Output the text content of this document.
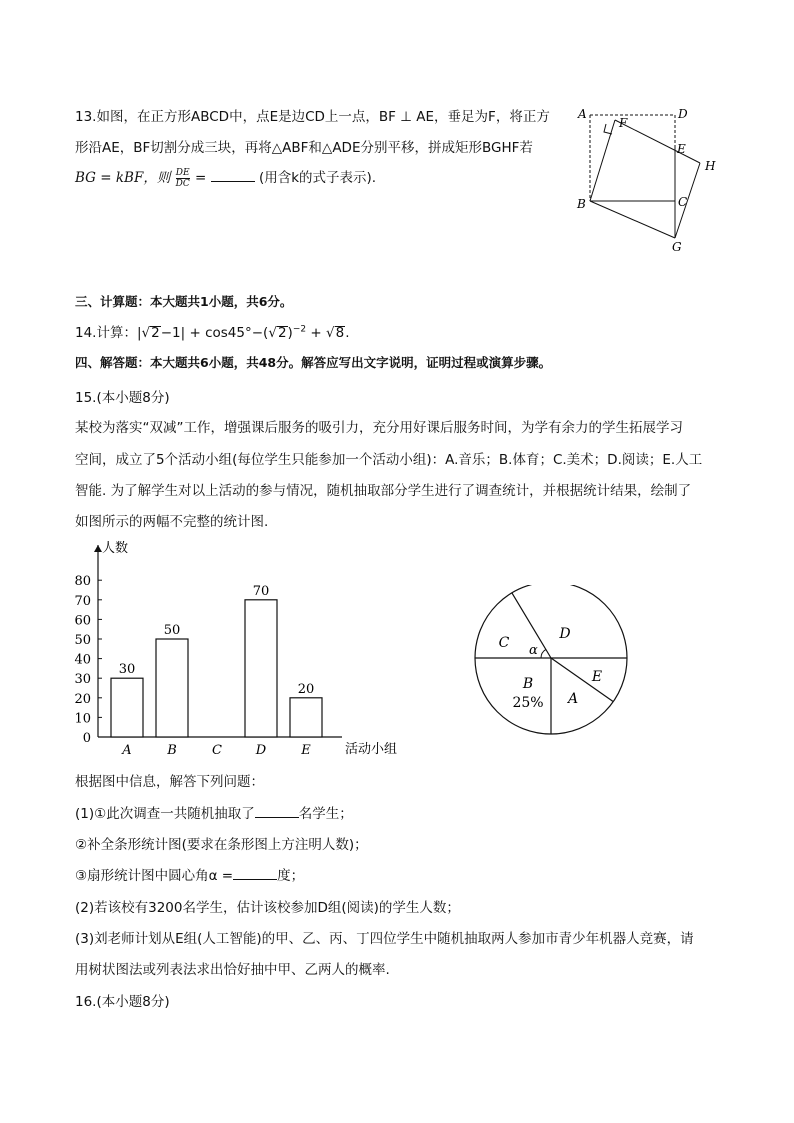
13.如图，在正方形ABCD中，点E是边CD上一点，BF ⊥ AE，垂足为F，将正方
形沿AE，BF切割分成三块，再将△ABF和△ADE分别平移，拼成矩形BGHF若
BG = kBF，则 $\frac{DE}{DC}$ =	(用含k的式子表示).
A	D
F
E
H
B	C
G
三、计算题：本大题共1小题，共6分。
14.计算：$|√2-1| + \cos 45^\circ-(√2)^{-2} + √8$.
四、解答题：本大题共6小题，共48分。解答应写出文字说明，证明过程或演算步骤。
15.(本小题8分)
某校为落实“双减”工作，增强课后服务的吸引力，充分用好课后服务时间，为学有余力的学生拓展学习
空间，成立了5个活动小组(每位学生只能参加一个活动小组)：A.音乐；B.体育；C.美术；D.阅读；E.人工
智能. 为了解学生对以上活动的参与情况，随机抽取部分学生进行了调查统计，并根据统计结果，绘制了
如图所示的两幅不完整的统计图.
人数
活动小组
0
10
20
30
40
50
60
70
80
A
30
B
50
C	D
70
E
20
α
A
B
25%
C
D
E
根据图中信息，解答下列问题：
(1)①此次调查一共随机抽取了	名学生；
②补全条形统计图(要求在条形图上方注明人数)；
③扇形统计图中圆心角α =	度；
(2)若该校有3200名学生，估计该校参加D组(阅读)的学生人数；
(3)刘老师计划从E组(人工智能)的甲、乙、丙、丁四位学生中随机抽取两人参加市青少年机器人竞赛，请
用树状图法或列表法求出恰好抽中甲、乙两人的概率.
16.(本小题8分)
